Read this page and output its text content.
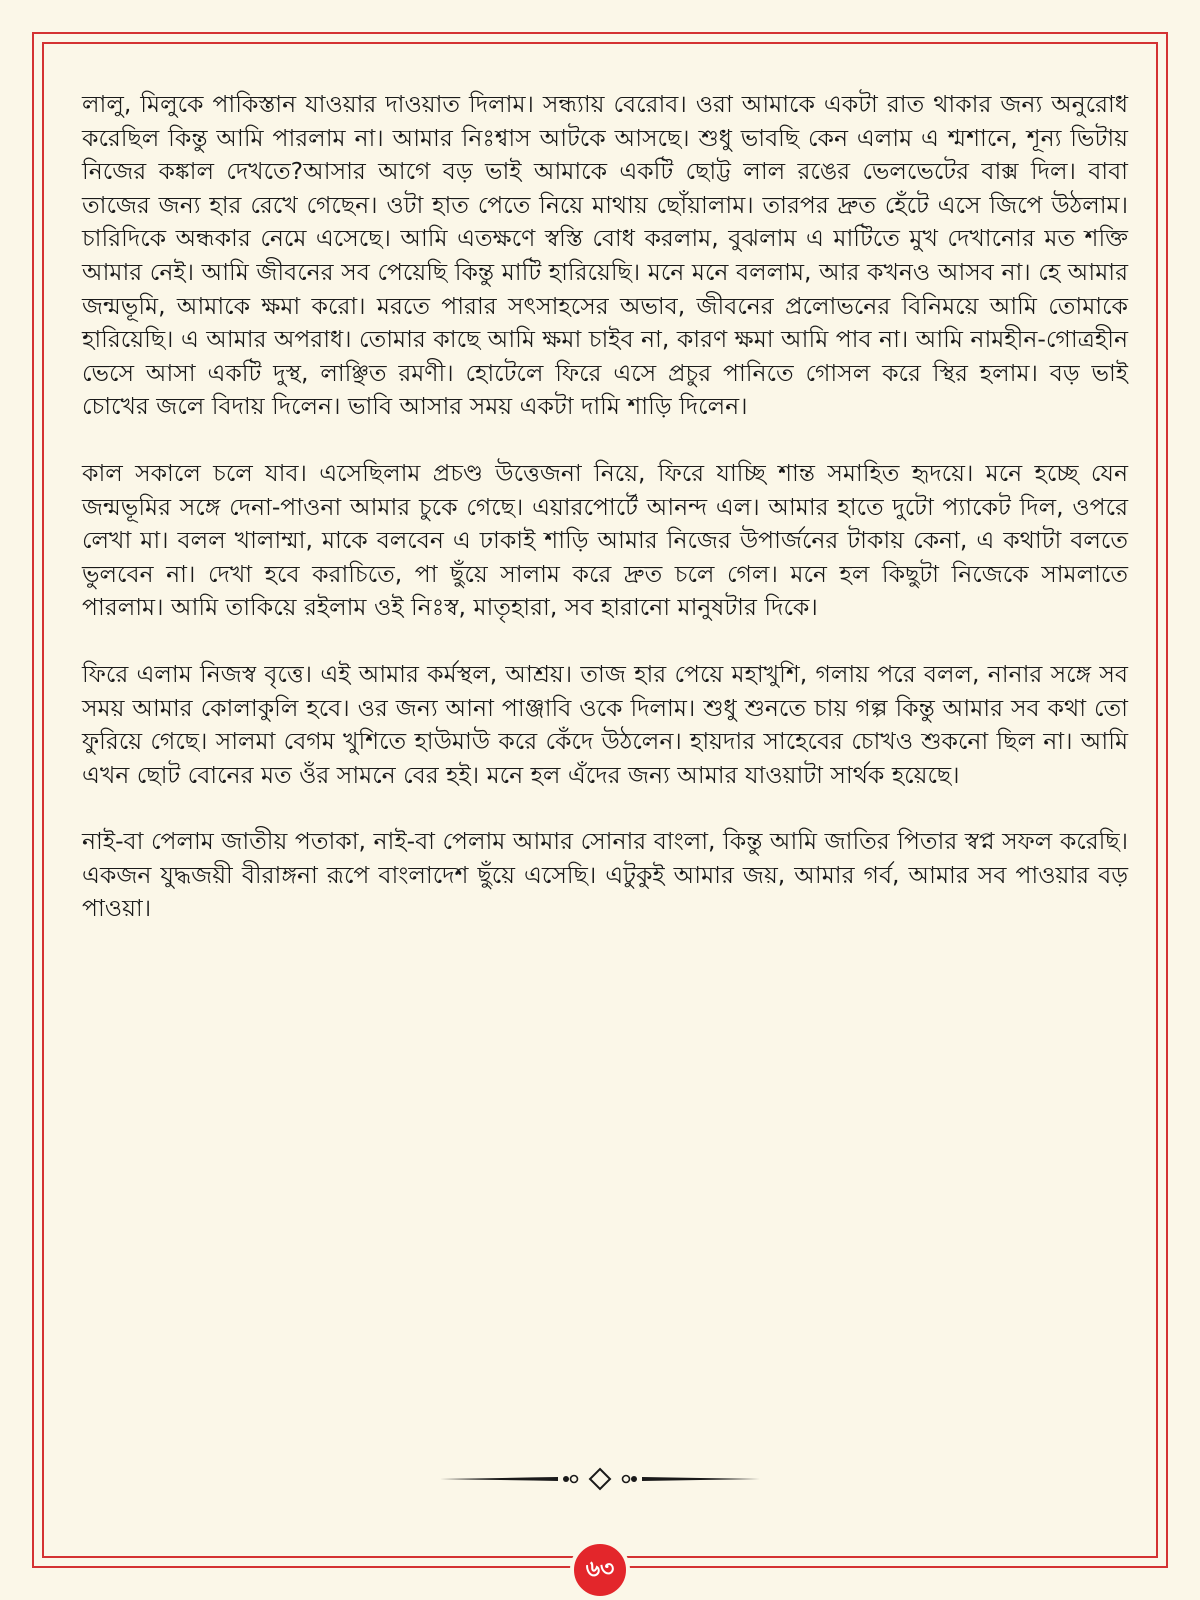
লালু, মিলুকে পাকিস্তান যাওয়ার দাওয়াত দিলাম। সন্ধ্যায় বেরোব। ওরা আমাকে একটা রাত থাকার জন্য অনুরোধ করেছিল কিন্তু আমি পারলাম না। আমার নিঃশ্বাস আটকে আসছে। শুধু ভাবছি কেন এলাম এ শ্মশানে, শূন্য ভিটায় নিজের কঙ্কাল দেখতে?আসার আগে বড় ভাই আমাকে একটি ছোট্ট লাল রঙের ভেলভেটের বাক্স দিল। বাবা তাজের জন্য হার রেখে গেছেন। ওটা হাত পেতে নিয়ে মাথায় ছোঁয়ালাম। তারপর দ্রুত হেঁটে এসে জিপে উঠলাম। চারিদিকে অন্ধকার নেমে এসেছে। আমি এতক্ষণে স্বস্তি বোধ করলাম, বুঝলাম এ মাটিতে মুখ দেখানোর মত শক্তি আমার নেই। আমি জীবনের সব পেয়েছি কিন্তু মাটি হারিয়েছি। মনে মনে বললাম, আর কখনও আসব না। হে আমার জন্মভূমি, আমাকে ক্ষমা করো। মরতে পারার সৎসাহসের অভাব, জীবনের প্রলোভনের বিনিময়ে আমি তোমাকে হারিয়েছি। এ আমার অপরাধ। তোমার কাছে আমি ক্ষমা চাইব না, কারণ ক্ষমা আমি পাব না। আমি নামহীন-গোত্রহীন ভেসে আসা একটি দুস্থ, লাঞ্ছিত রমণী। হোটেলে ফিরে এসে প্রচুর পানিতে গোসল করে স্থির হলাম। বড় ভাই চোখের জলে বিদায় দিলেন। ভাবি আসার সময় একটা দামি শাড়ি দিলেন।

কাল সকালে চলে যাব। এসেছিলাম প্রচণ্ড উত্তেজনা নিয়ে, ফিরে যাচ্ছি শান্ত সমাহিত হৃদয়ে। মনে হচ্ছে যেন জন্মভূমির সঙ্গে দেনা-পাওনা আমার চুকে গেছে। এয়ারপোর্টে আনন্দ এল। আমার হাতে দুটো প্যাকেট দিল, ওপরে লেখা মা। বলল খালাম্মা, মাকে বলবেন এ ঢাকাই শাড়ি আমার নিজের উপার্জনের টাকায় কেনা, এ কথাটা বলতে ভুলবেন না। দেখা হবে করাচিতে, পা ছুঁয়ে সালাম করে দ্রুত চলে গেল। মনে হল কিছুটা নিজেকে সামলাতে পারলাম। আমি তাকিয়ে রইলাম ওই নিঃস্ব, মাতৃহারা, সব হারানো মানুষটার দিকে।

ফিরে এলাম নিজস্ব বৃত্তে। এই আমার কর্মস্থল, আশ্রয়। তাজ হার পেয়ে মহাখুশি, গলায় পরে বলল, নানার সঙ্গে সব সময় আমার কোলাকুলি হবে। ওর জন্য আনা পাঞ্জাবি ওকে দিলাম। শুধু শুনতে চায় গল্প কিন্তু আমার সব কথা তো ফুরিয়ে গেছে। সালমা বেগম খুশিতে হাউমাউ করে কেঁদে উঠলেন। হায়দার সাহেবের চোখও শুকনো ছিল না। আমি এখন ছোট বোনের মত ওঁর সামনে বের হই। মনে হল এঁদের জন্য আমার যাওয়াটা সার্থক হয়েছে।

নাই-বা পেলাম জাতীয় পতাকা, নাই-বা পেলাম আমার সোনার বাংলা, কিন্তু আমি জাতির পিতার স্বপ্ন সফল করেছি। একজন যুদ্ধজয়ী বীরাঙ্গনা রূপে বাংলাদেশ ছুঁয়ে এসেছি। এটুকুই আমার জয়, আমার গর্ব, আমার সব পাওয়ার বড় পাওয়া।

৬৩
